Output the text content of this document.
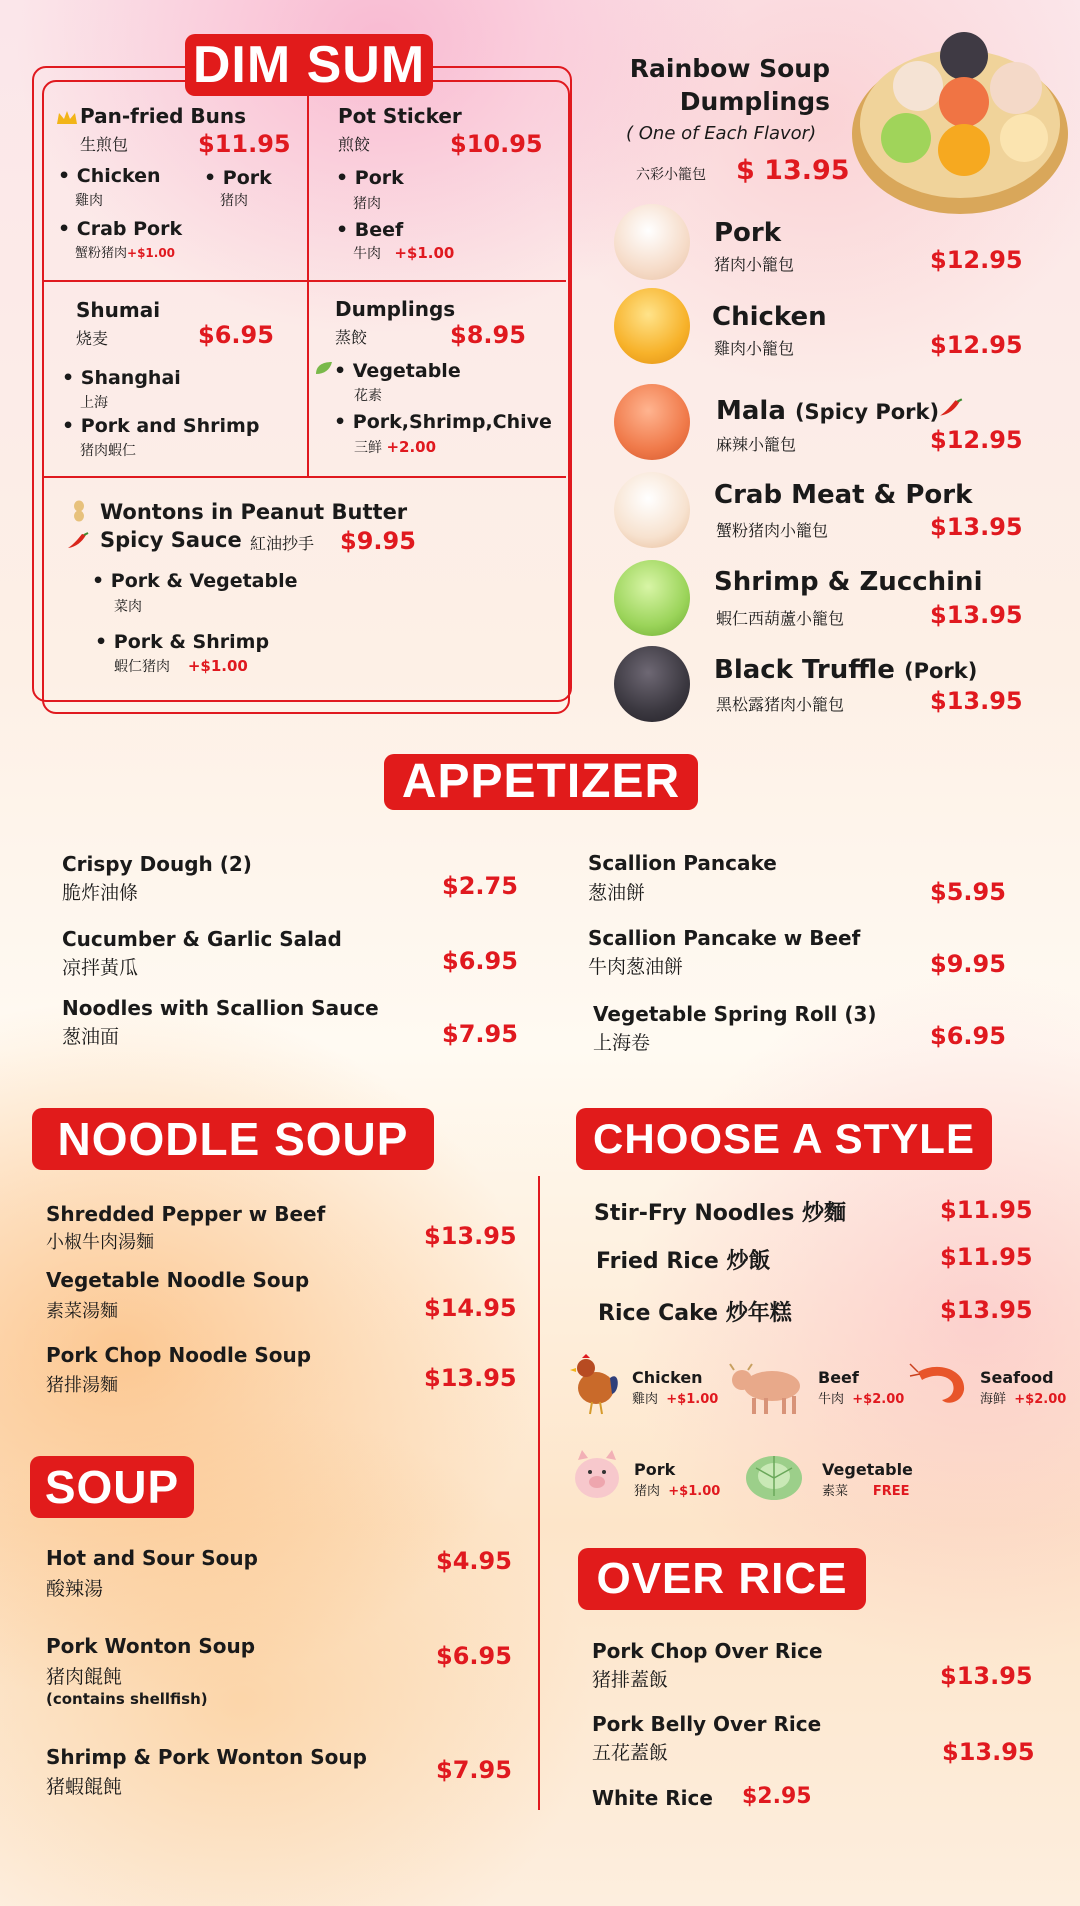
DIM SUM
Pan-fried Buns
生煎包	$11.95
• Chicken
雞肉
• Pork
猪肉
• Crab Pork
蟹粉猪肉+$1.00
Pot Sticker
煎餃	$10.95
• Pork
猪肉
• Beef
牛肉 +$1.00
Shumai
烧麦	$6.95
• Shanghai
上海
• Pork and Shrimp
猪肉蝦仁
Dumplings
蒸餃	$8.95
• Vegetable
花素
• Pork,Shrimp,Chive
三鲜 +2.00
Wontons in Peanut Butter
Spicy Sauce 紅油抄手 $9.95
• Pork & Vegetable
菜肉
• Pork & Shrimp
蝦仁猪肉 +$1.00
Rainbow Soup
Dumplings
( One of Each Flavor)
六彩小籠包 $ 13.95
Pork
猪肉小籠包	$12.95
Chicken
雞肉小籠包	$12.95
Mala (Spicy Pork)
麻辣小籠包	$12.95
Crab Meat & Pork
蟹粉猪肉小籠包	$13.95
Shrimp & Zucchini
蝦仁西葫蘆小籠包	$13.95
Black Truffle (Pork)
黑松露猪肉小籠包	$13.95
APPETIZER
Crispy Dough (2)
脆炸油條	$2.75
Cucumber & Garlic Salad
凉拌黃瓜	$6.95
Noodles with Scallion Sauce
葱油面	$7.95
Scallion Pancake
葱油餅	$5.95
Scallion Pancake w Beef
牛肉葱油餅	$9.95
Vegetable Spring Roll (3)
上海卷	$6.95
NOODLE SOUP
Shredded Pepper w Beef
小椒牛肉湯麵	$13.95
Vegetable Noodle Soup
素菜湯麵	$14.95
Pork Chop Noodle Soup
猪排湯麵	$13.95
SOUP
Hot and Sour Soup
酸辣湯
$4.95
Pork Wonton Soup
猪肉餛飩
(contains shellfish)
$6.95
Shrimp & Pork Wonton Soup
猪蝦餛飩
$7.95
CHOOSE A STYLE
Stir-Fry Noodles 炒麵	$11.95
Fried Rice 炒飯	$11.95
Rice Cake 炒年糕	$13.95
Chicken
雞肉 +$1.00
Beef
牛肉 +$2.00
Seafood
海鲜 +$2.00
Pork
猪肉 +$1.00
Vegetable
素菜 FREE
OVER RICE
Pork Chop Over Rice
猪排蓋飯	$13.95
Pork Belly Over Rice
五花蓋飯	$13.95
White Rice $2.95
